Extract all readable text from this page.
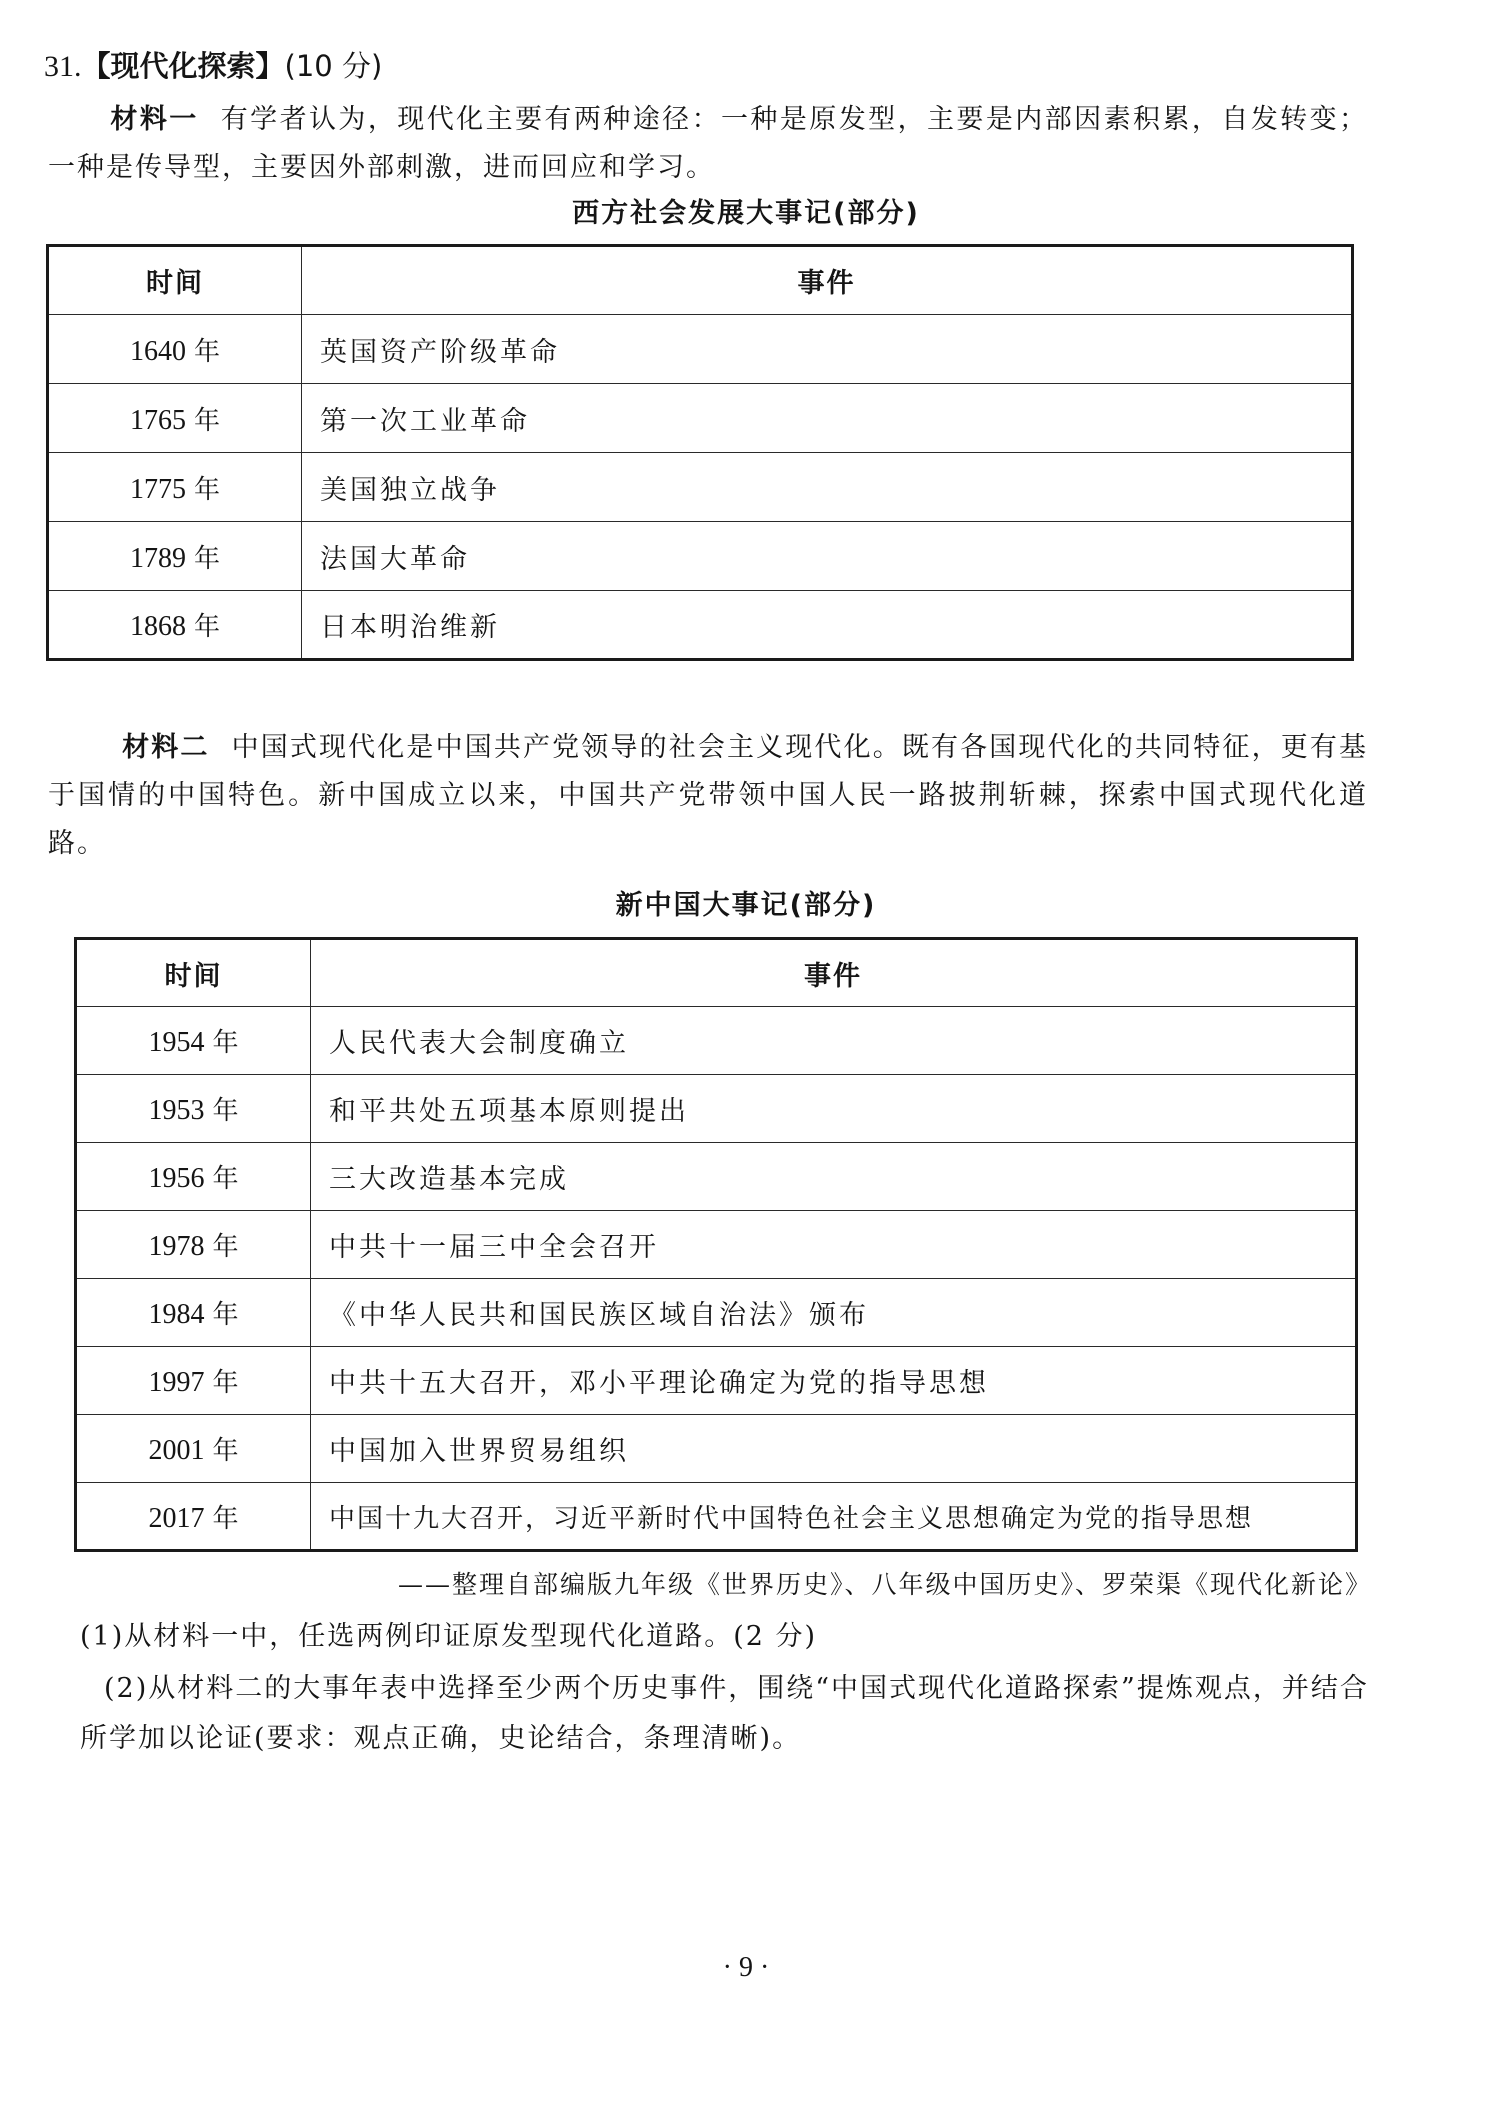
31.【现代化探索】(10 分)
材料一 有学者认为，现代化主要有两种途径：一种是原发型，主要是内部因素积累，自发转变；一种是传导型，主要因外部刺激，进而回应和学习。
西方社会发展大事记(部分)
时间	事件
1640 年	英国资产阶级革命
1765 年	第一次工业革命
1775 年	美国独立战争
1789 年	法国大革命
1868 年	日本明治维新
材料二 中国式现代化是中国共产党领导的社会主义现代化。既有各国现代化的共同特征，更有基于国情的中国特色。新中国成立以来，中国共产党带领中国人民一路披荆斩棘，探索中国式现代化道路。
新中国大事记(部分)
时间	事件
1954 年	人民代表大会制度确立
1953 年	和平共处五项基本原则提出
1956 年	三大改造基本完成
1978 年	中共十一届三中全会召开
1984 年	《中华人民共和国民族区域自治法》颁布
1997 年	中共十五大召开，邓小平理论确定为党的指导思想
2001 年	中国加入世界贸易组织
2017 年	中国十九大召开，习近平新时代中国特色社会主义思想确定为党的指导思想
——整理自部编版九年级《世界历史》、八年级中国历史》、罗荣渠《现代化新论》
(1)从材料一中，任选两例印证原发型现代化道路。(2 分)
(2)从材料二的大事年表中选择至少两个历史事件，围绕“中国式现代化道路探索”提炼观点，并结合所学加以论证(要求：观点正确，史论结合，条理清晰)。
· 9 ·
